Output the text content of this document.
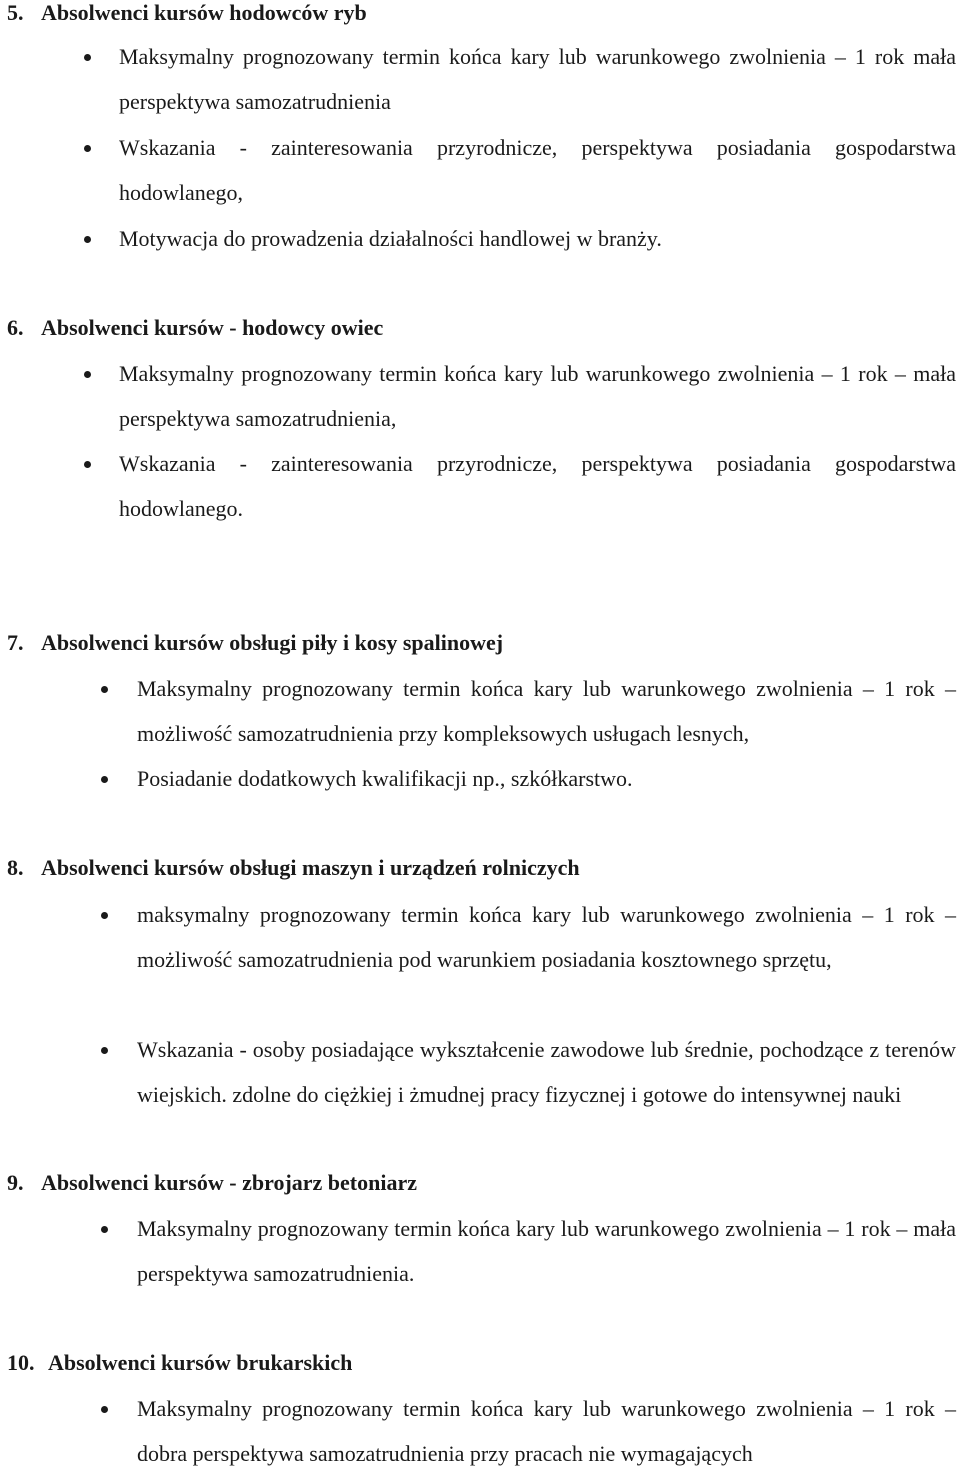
5. Absolwenci kursów hodowców ryb
Maksymalny prognozowany termin końca kary lub warunkowego zwolnienia – 1 rok mała perspektywa samozatrudnienia
Wskazania - zainteresowania przyrodnicze, perspektywa posiadania gospodarstwa hodowlanego,
Motywacja do prowadzenia działalności handlowej w branży.
6. Absolwenci kursów - hodowcy owiec
Maksymalny prognozowany termin końca kary lub warunkowego zwolnienia – 1 rok – mała perspektywa samozatrudnienia,
Wskazania - zainteresowania przyrodnicze, perspektywa posiadania gospodarstwa hodowlanego.
7. Absolwenci kursów obsługi piły i kosy spalinowej
Maksymalny prognozowany termin końca kary lub warunkowego zwolnienia – 1 rok – możliwość samozatrudnienia przy kompleksowych usługach lesnych,
Posiadanie dodatkowych kwalifikacji np., szkółkarstwo.
8. Absolwenci kursów obsługi maszyn i urządzeń rolniczych
maksymalny prognozowany termin końca kary lub warunkowego zwolnienia – 1 rok – możliwość samozatrudnienia pod warunkiem posiadania kosztownego sprzętu,
Wskazania - osoby posiadające wykształcenie zawodowe lub średnie, pochodzące z terenów wiejskich. zdolne do ciężkiej i żmudnej pracy fizycznej i gotowe do intensywnej nauki
9. Absolwenci kursów - zbrojarz betoniarz
Maksymalny prognozowany termin końca kary lub warunkowego zwolnienia – 1 rok – mała perspektywa samozatrudnienia.
10. Absolwenci kursów brukarskich
Maksymalny prognozowany termin końca kary lub warunkowego zwolnienia – 1 rok – dobra perspektywa samozatrudnienia przy pracach nie wymagających
